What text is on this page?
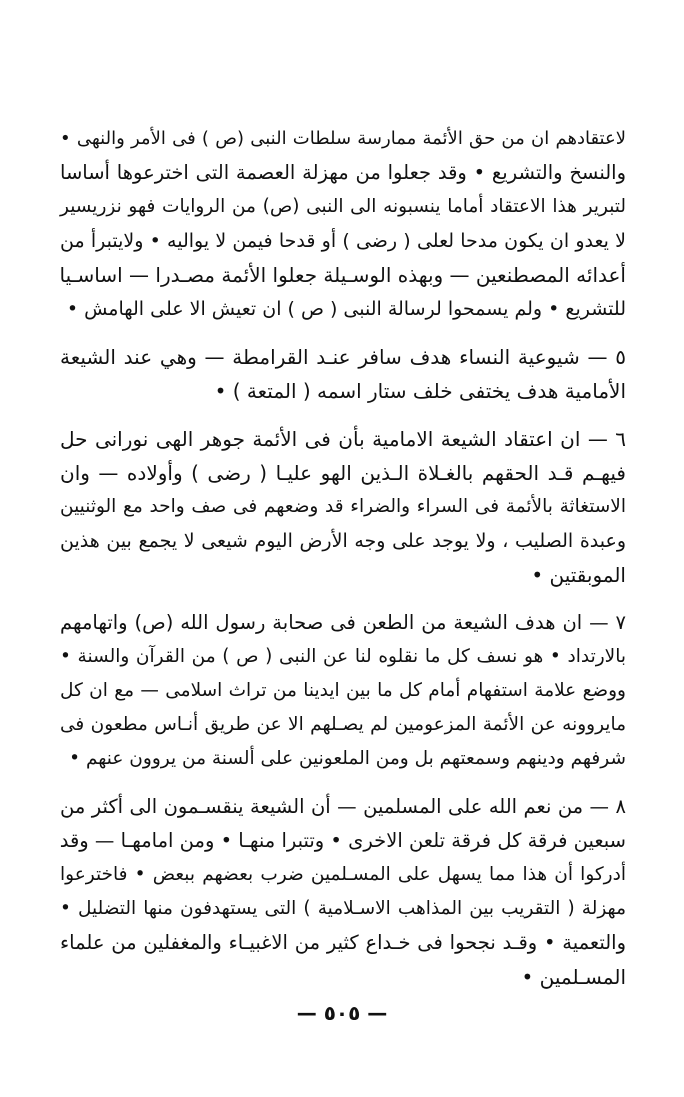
لاعتقادهم ان من حق الأئمة ممارسة سلطات النبى (ص ) فى الأمر والنهى •
والنسخ والتشريع • وقد جعلوا من مهزلة العصمة التى اخترعوها أساسا
لتبرير هذا الاعتقاد أماما ينسبونه الى النبى (ص) من الروايات فهو نزريسير
لا يعدو ان يكون مدحا لعلى ( رضى ) أو قدحا فيمن لا يواليه • ولايتبرأ من
أعدائه المصطنعين — وبهذه الوسـيلة جعلوا الأئمة مصـدرا — اساسـيا
للتشريع • ولم يسمحوا لرسالة النبى ( ص ) ان تعيش الا على الهامش •

٥ — شيوعية النساء هدف سافر عنـد القرامطة — وهي عند الشيعة
الأمامية هدف يختفى خلف ستار اسمه ( المتعة ) •

٦ — ان اعتقاد الشيعة الامامية بأن فى الأئمة جوهر الهى نورانى حل
فيهـم قـد الحقهم بالغـلاة الـذين الهو عليـا ( رضى ) وأولاده — وان
الاستغاثة بالأئمة فى السراء والضراء قد وضعهم فى صف واحد مع الوثنيين
وعبدة الصليب ، ولا يوجد على وجه الأرض اليوم شيعى لا يجمع بين هذين
الموبقتين •

٧ — ان هدف الشيعة من الطعن فى صحابة رسول الله (ص) واتهامهم
بالارتداد • هو نسف كل ما نقلوه لنا عن النبى ( ص ) من القرآن والسنة •
ووضع علامة استفهام أمام كل ما بين ايدينا من تراث اسلامى — مع ان كل
مايروونه عن الأئمة المزعومين لم يصـلهم الا عن طريق أنـاس مطعون فى
شرفهم ودينهم وسمعتهم بل ومن الملعونين على ألسنة من يروون عنهم •

٨ — من نعم الله على المسلمين — أن الشيعة ينقسـمون الى أكثر من
سبعين فرقة كل فرقة تلعن الاخرى • وتتبرا منهـا • ومن امامهـا — وقد
أدركوا أن هذا مما يسهل على المسـلمين ضرب بعضهم ببعض • فاخترعوا
مهزلة ( التقريب بين المذاهب الاسـلامية ) التى يستهدفون منها التضليل •
والتعمية • وقـد نجحوا فى خـداع كثير من الاغبيـاء والمغفلين من علماء
المسـلمين •

— ٥٠٥ —
